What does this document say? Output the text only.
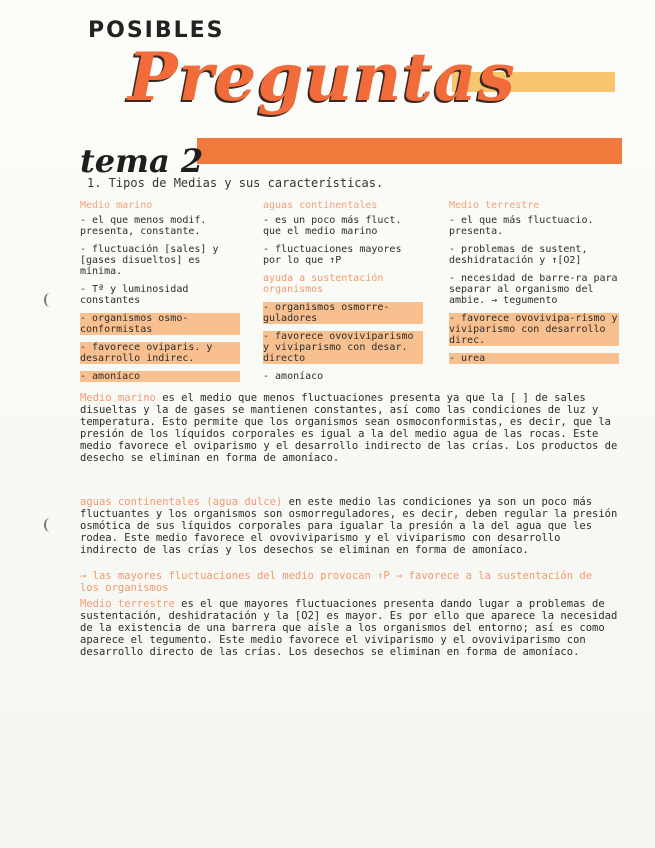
POSIBLES
Preguntas
tema 2
1. Tipos de Medias y sus características.
Medio marino
- el que menos modif. presenta, constante.
- fluctuación [sales] y [gases disueltos] es mínima.
- Tª y luminosidad constantes
- organismos osmo-conformistas
- favorece oviparis. y desarrollo indirec.
- amoníaco
aguas continentales
- es un poco más fluct. que el medio marino
- fluctuaciones mayores por lo que ↑P
ayuda a sustentación organismos
- organismos osmorre-guladores
- favorece ovoviviparismo y viviparismo con desar. directo
- amoníaco
Medio terrestre
- el que más fluctuacio. presenta.
- problemas de sustent, deshidratación y ↑[O2]
- necesidad de barre-ra para separar al organismo del ambie. → tegumento
- favorece ovovivipa-rismo y viviparismo con desarrollo direc.
- urea
Medio marino es el medio que menos fluctuaciones presenta ya que la [ ] de sales disueltas y la de gases se mantienen constantes, así como las condiciones de luz y temperatura. Esto permite que los organismos sean osmoconformistas, es decir, que la presión de los líquidos corporales es igual a la del medio agua de las rocas. Este medio favorece el oviparismo y el desarrollo indirecto de las crías. Los productos de desecho se eliminan en forma de amoníaco.
aguas continentales (agua dulce) en este medio las condiciones ya son un poco más fluctuantes y los organismos son osmorreguladores, es decir, deben regular la presión osmótica de sus líquidos corporales para igualar la presión a la del agua que les rodea. Este medio favorece el ovoviviparismo y el viviparismo con desarrollo indirecto de las crías y los desechos se eliminan en forma de amoníaco.
→ las mayores fluctuaciones del medio provocan ↑P → favorece a la sustentación de los organismos
Medio terrestre es el que mayores fluctuaciones presenta dando lugar a problemas de sustentación, deshidratación y la [O2] es mayor. Es por ello que aparece la necesidad de la existencia de una barrera que aísle a los organismos del entorno; así es como aparece el tegumento. Este medio favorece el viviparismo y el ovoviviparismo con desarrollo directo de las crías. Los desechos se eliminan en forma de amoníaco.
